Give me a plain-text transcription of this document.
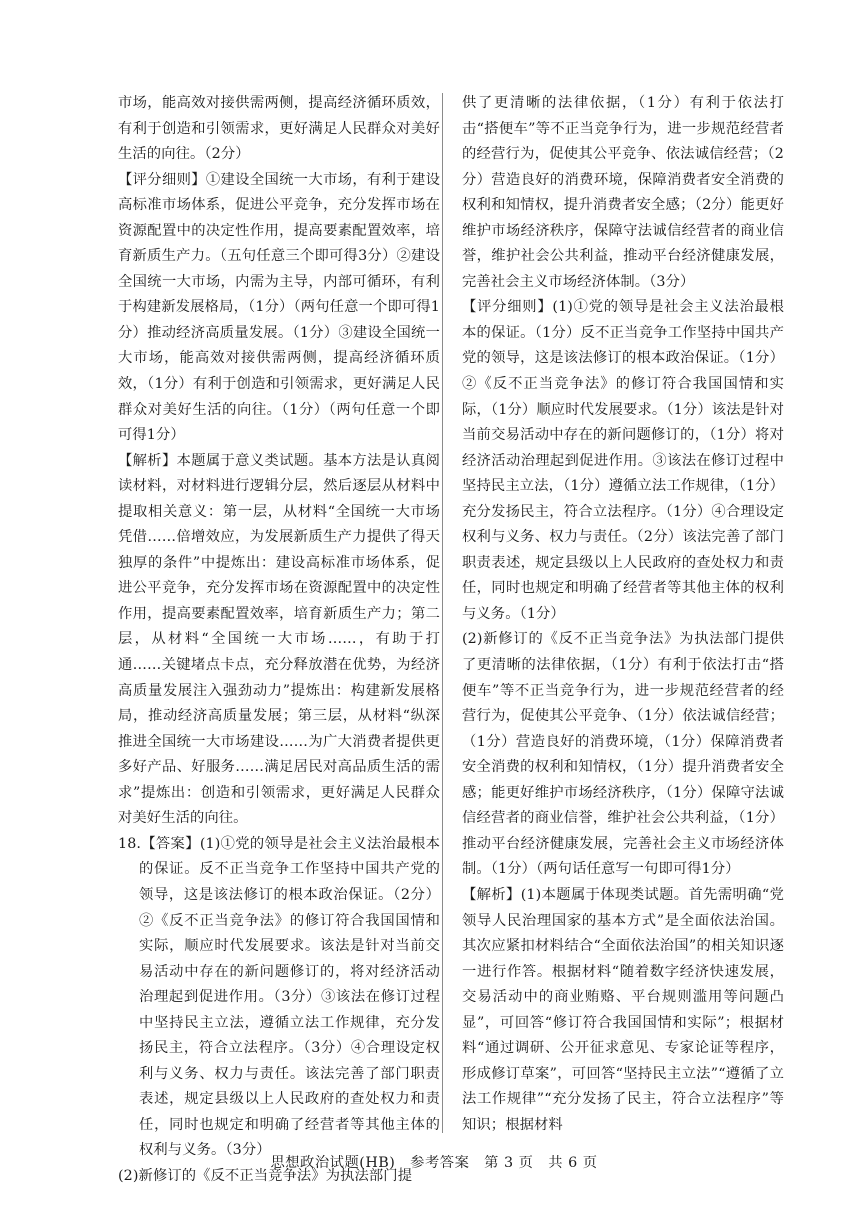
市场，能高效对接供需两侧，提高经济循环质效，有利于创造和引领需求，更好满足人民群众对美好生活的向往。（2分）

【评分细则】①建设全国统一大市场，有利于建设高标准市场体系，促进公平竞争，充分发挥市场在资源配置中的决定性作用，提高要素配置效率，培育新质生产力。（五句任意三个即可得3分）②建设全国统一大市场，内需为主导，内部可循环，有利于构建新发展格局，（1分）（两句任意一个即可得1分）推动经济高质量发展。（1分）③建设全国统一大市场，能高效对接供需两侧，提高经济循环质效，（1分）有利于创造和引领需求，更好满足人民群众对美好生活的向往。（1分）（两句任意一个即可得1分）

【解析】本题属于意义类试题。基本方法是认真阅读材料，对材料进行逻辑分层，然后逐层从材料中提取相关意义：第一层，从材料“全国统一大市场凭借……倍增效应，为发展新质生产力提供了得天独厚的条件”中提炼出：建设高标准市场体系，促进公平竞争，充分发挥市场在资源配置中的决定性作用，提高要素配置效率，培育新质生产力；第二层，从材料“全国统一大市场……，有助于打通……关键堵点卡点，充分释放潜在优势，为经济高质量发展注入强劲动力”提炼出：构建新发展格局，推动经济高质量发展；第三层，从材料“纵深推进全国统一大市场建设……为广大消费者提供更多好产品、好服务……满足居民对高品质生活的需求”提炼出：创造和引领需求，更好满足人民群众对美好生活的向往。

18.【答案】(1)①党的领导是社会主义法治最根本的保证。反不正当竞争工作坚持中国共产党的领导，这是该法修订的根本政治保证。（2分）②《反不正当竞争法》的修订符合我国国情和实际，顺应时代发展要求。该法是针对当前交易活动中存在的新问题修订的，将对经济活动治理起到促进作用。（3分）③该法在修订过程中坚持民主立法，遵循立法工作规律，充分发扬民主，符合立法程序。（3分）④合理设定权利与义务、权力与责任。该法完善了部门职责表述，规定县级以上人民政府的查处权力和责任，同时也规定和明确了经营者等其他主体的权利与义务。（3分）

(2)新修订的《反不正当竞争法》为执法部门提

供了更清晰的法律依据，（1分）有利于依法打击“搭便车”等不正当竞争行为，进一步规范经营者的经营行为，促使其公平竞争、依法诚信经营；（2分）营造良好的消费环境，保障消费者安全消费的权利和知情权，提升消费者安全感；（2分）能更好维护市场经济秩序，保障守法诚信经营者的商业信誉，维护社会公共利益，推动平台经济健康发展，完善社会主义市场经济体制。（3分）

【评分细则】(1)①党的领导是社会主义法治最根本的保证。（1分）反不正当竞争工作坚持中国共产党的领导，这是该法修订的根本政治保证。（1分）②《反不正当竞争法》的修订符合我国国情和实际，（1分）顺应时代发展要求。（1分）该法是针对当前交易活动中存在的新问题修订的，（1分）将对经济活动治理起到促进作用。③该法在修订过程中坚持民主立法，（1分）遵循立法工作规律，（1分）充分发扬民主，符合立法程序。（1分）④合理设定权利与义务、权力与责任。（2分）该法完善了部门职责表述，规定县级以上人民政府的查处权力和责任，同时也规定和明确了经营者等其他主体的权利与义务。（1分）

(2)新修订的《反不正当竞争法》为执法部门提供了更清晰的法律依据，（1分）有利于依法打击“搭便车”等不正当竞争行为，进一步规范经营者的经营行为，促使其公平竞争、（1分）依法诚信经营；（1分）营造良好的消费环境，（1分）保障消费者安全消费的权利和知情权，（1分）提升消费者安全感；能更好维护市场经济秩序，（1分）保障守法诚信经营者的商业信誉，维护社会公共利益，（1分）推动平台经济健康发展，完善社会主义市场经济体制。（1分）（两句话任意写一句即可得1分）

【解析】(1)本题属于体现类试题。首先需明确“党领导人民治理国家的基本方式”是全面依法治国。其次应紧扣材料结合“全面依法治国”的相关知识逐一进行作答。根据材料“随着数字经济快速发展，交易活动中的商业贿赂、平台规则滥用等问题凸显”，可回答“修订符合我国国情和实际”；根据材料“通过调研、公开征求意见、专家论证等程序，形成修订草案”，可回答“坚持民主立法”“遵循了立法工作规律”“充分发扬了民主，符合立法程序”等知识；根据材料

思想政治试题(HB)　参考答案　第 3 页　共 6 页
